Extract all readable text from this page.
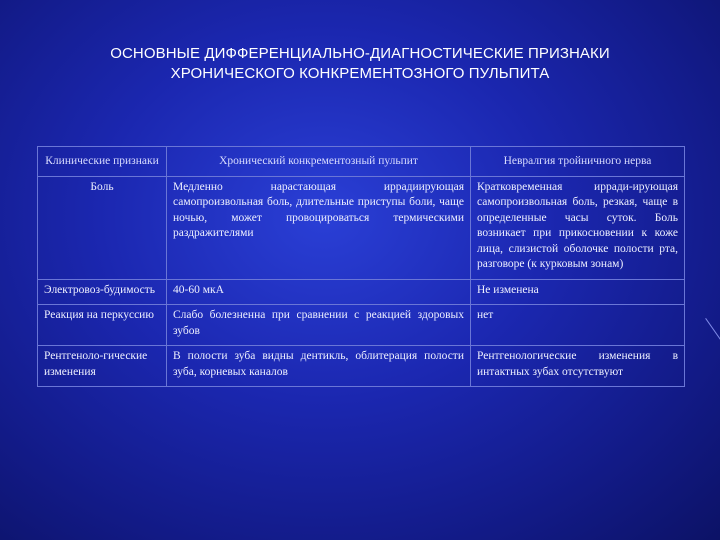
ОСНОВНЫЕ ДИФФЕРЕНЦИАЛЬНО-ДИАГНОСТИЧЕСКИЕ ПРИЗНАКИ
ХРОНИЧЕСКОГО КОНКРЕМЕНТОЗНОГО ПУЛЬПИТА
Клинические признаки	Хронический конкрементозный пульпит	Невралгия тройничного нерва
Боль	Медленно нарастающая иррадиирующая самопроизвольная боль, длительные приступы боли, чаще ночью, может провоцироваться термическими раздражителями	Кратковременная ирради-ирующая самопроизвольная боль, резкая, чаще в определенные часы суток. Боль возникает при прикосновении к коже лица, слизистой оболочке полости рта, разговоре (к курковым зонам)
Электровоз-будимость	40-60 мкА	Не изменена
Реакция на перкуссию	Слабо болезненна при сравнении с реакцией здоровых зубов	нет
Рентгеноло-гические изменения	В полости зуба видны дентикль, облитерация полости зуба, корневых каналов	Рентгенологические изменения в интактных зубах отсутствуют
